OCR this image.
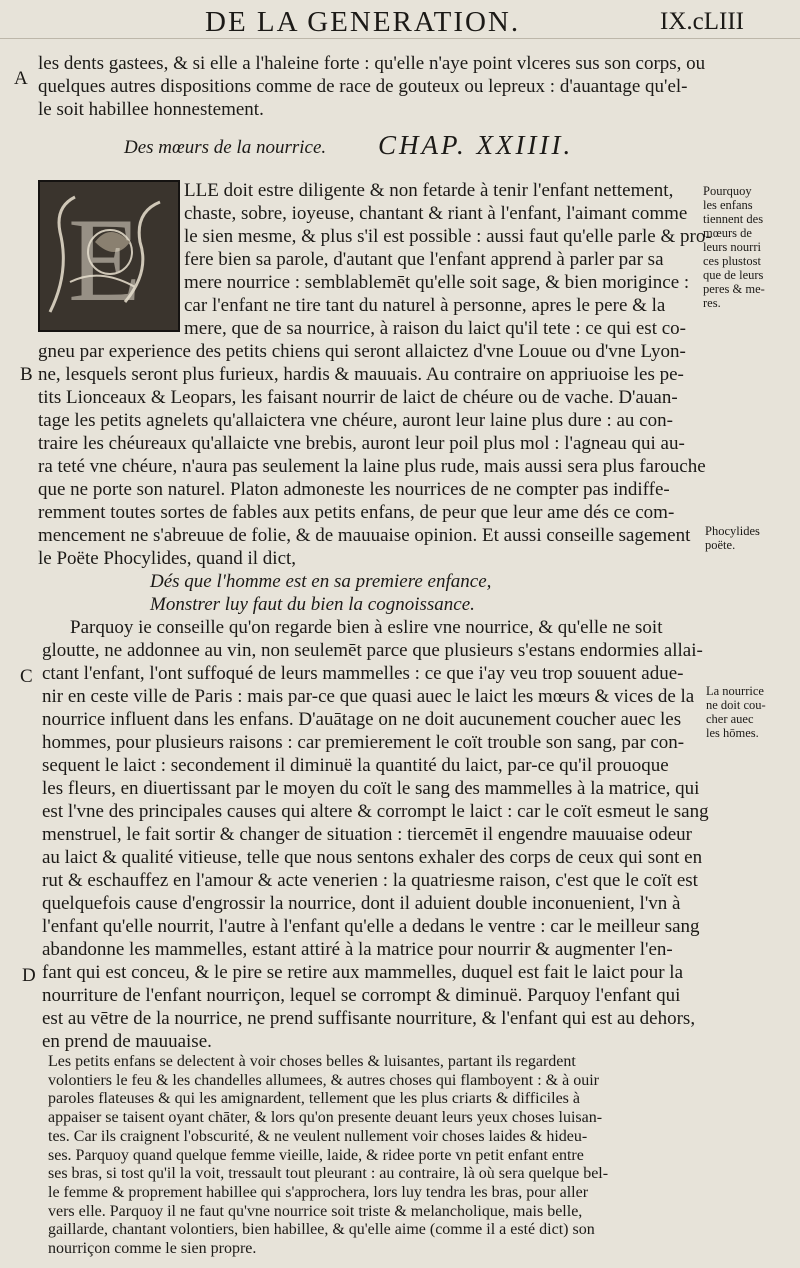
DE LA GENERATION.	IX.cLIII
A
B
C
D
les dents gastees, & si elle a l'haleine forte : qu'elle n'aye point vlceres sus son corps, ou
quelques autres dispositions comme de race de gouteux ou lepreux : d'auantage qu'el-
le soit habillee honnestement.
Des mœurs de la nourrice. CHAP. XXIIII.
E
LLE doit estre diligente & non fetarde à tenir l'enfant nettement,
chaste, sobre, ioyeuse, chantant & riant à l'enfant, l'aimant comme
le sien mesme, & plus s'il est possible : aussi faut qu'elle parle & pro-
fere bien sa parole, d'autant que l'enfant apprend à parler par sa
mere nourrice : semblablemēt qu'elle soit sage, & bien morigince :
car l'enfant ne tire tant du naturel à personne, apres le pere & la
mere, que de sa nourrice, à raison du laict qu'il tete : ce qui est co-
gneu par experience des petits chiens qui seront allaictez d'vne Louue ou d'vne Lyon-
ne, lesquels seront plus furieux, hardis & mauuais. Au contraire on appriuoise les pe-
tits Lionceaux & Leopars, les faisant nourrir de laict de chéure ou de vache. D'auan-
tage les petits agnelets qu'allaictera vne chéure, auront leur laine plus dure : au con-
traire les chéureaux qu'allaicte vne brebis, auront leur poil plus mol : l'agneau qui au-
ra teté vne chéure, n'aura pas seulement la laine plus rude, mais aussi sera plus farouche
que ne porte son naturel. Platon admoneste les nourrices de ne compter pas indiffe-
remment toutes sortes de fables aux petits enfans, de peur que leur ame dés ce com-
mencement ne s'abreuue de folie, & de mauuaise opinion. Et aussi conseille sagement
le Poëte Phocylides, quand il dict,
Dés que l'homme est en sa premiere enfance,
Monstrer luy faut du bien la cognoissance.
Parquoy ie conseille qu'on regarde bien à eslire vne nourrice, & qu'elle ne soit
gloutte, ne addonnee au vin, non seulemēt parce que plusieurs s'estans endormies allai-
ctant l'enfant, l'ont suffoqué de leurs mammelles : ce que i'ay veu trop souuent adue-
nir en ceste ville de Paris : mais par-ce que quasi auec le laict les mœurs & vices de la
nourrice influent dans les enfans. D'auātage on ne doit aucunement coucher auec les
hommes, pour plusieurs raisons : car premierement le coït trouble son sang, par con-
sequent le laict : secondement il diminuë la quantité du laict, par-ce qu'il prouoque
les fleurs, en diuertissant par le moyen du coït le sang des mammelles à la matrice, qui
est l'vne des principales causes qui altere & corrompt le laict : car le coït esmeut le sang
menstruel, le fait sortir & changer de situation : tiercemēt il engendre mauuaise odeur
au laict & qualité vitieuse, telle que nous sentons exhaler des corps de ceux qui sont en
rut & eschauffez en l'amour & acte venerien : la quatriesme raison, c'est que le coït est
quelquefois cause d'engrossir la nourrice, dont il aduient double inconuenient, l'vn à
l'enfant qu'elle nourrit, l'autre à l'enfant qu'elle a dedans le ventre : car le meilleur sang
abandonne les mammelles, estant attiré à la matrice pour nourrir & augmenter l'en-
fant qui est conceu, & le pire se retire aux mammelles, duquel est fait le laict pour la
nourriture de l'enfant nourriçon, lequel se corrompt & diminuë. Parquoy l'enfant qui
est au vētre de la nourrice, ne prend suffisante nourriture, & l'enfant qui est au dehors,
en prend de mauuaise.
Les petits enfans se delectent à voir choses belles & luisantes, partant ils regardent
volontiers le feu & les chandelles allumees, & autres choses qui flamboyent : & à ouir
paroles flateuses & qui les amignardent, tellement que les plus criarts & difficiles à
appaiser se taisent oyant chāter, & lors qu'on presente deuant leurs yeux choses luisan-
tes. Car ils craignent l'obscurité, & ne veulent nullement voir choses laides & hideu-
ses. Parquoy quand quelque femme vieille, laide, & ridee porte vn petit enfant entre
ses bras, si tost qu'il la voit, tressault tout pleurant : au contraire, là où sera quelque bel-
le femme & proprement habillee qui s'approchera, lors luy tendra les bras, pour aller
vers elle. Parquoy il ne faut qu'vne nourrice soit triste & melancholique, mais belle,
gaillarde, chantant volontiers, bien habillee, & qu'elle aime (comme il a esté dict) son
nourriçon comme le sien propre.
Pourquoy
les enfans
tiennent des
mœurs de
leurs nourri
ces plustost
que de leurs
peres & me-
res.
Phocylides
poëte.
La nourrice
ne doit cou-
cher auec
les hōmes.
